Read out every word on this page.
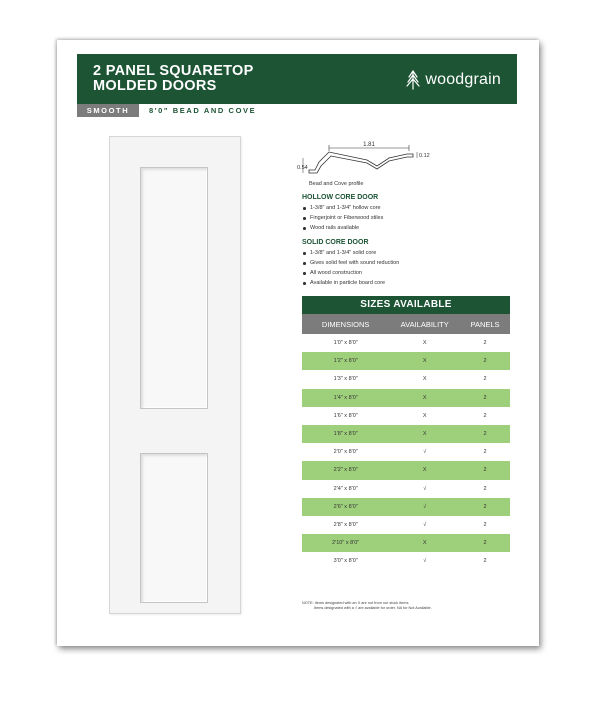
2 PANEL SQUARETOP
MOLDED DOORS	woodgrain
SMOOTH	8'0" BEAD AND COVE
1.81
0.54
0.12
Bead and Cove profile
HOLLOW CORE DOOR
1-3/8" and 1-3/4" hollow core
Fingerjoint or Fiberwood stiles
Wood rails available
SOLID CORE DOOR
1-3/8" and 1-3/4" solid core
Gives solid feel with sound reduction
All wood construction
Available in particle board core
SIZES AVAILABLE
DIMENSIONS	AVAILABILITY	PANELS
1'0" x 8'0"	X	2
1'2" x 8'0"	X	2
1'3" x 8'0"	X	2
1'4" x 8'0"	X	2
1'6" x 8'0"	X	2
1'8" x 8'0"	X	2
2'0" x 8'0"	√	2
2'2" x 8'0"	X	2
2'4" x 8'0"	√	2
2'6" x 8'0"	√	2
2'8" x 8'0"	√	2
2'10" x 8'0"	X	2
3'0" x 8'0"	√	2
NOTE: Items designated with an X are not from our stock items.
Items designated with a √ are available for order. NA for Not Available.
